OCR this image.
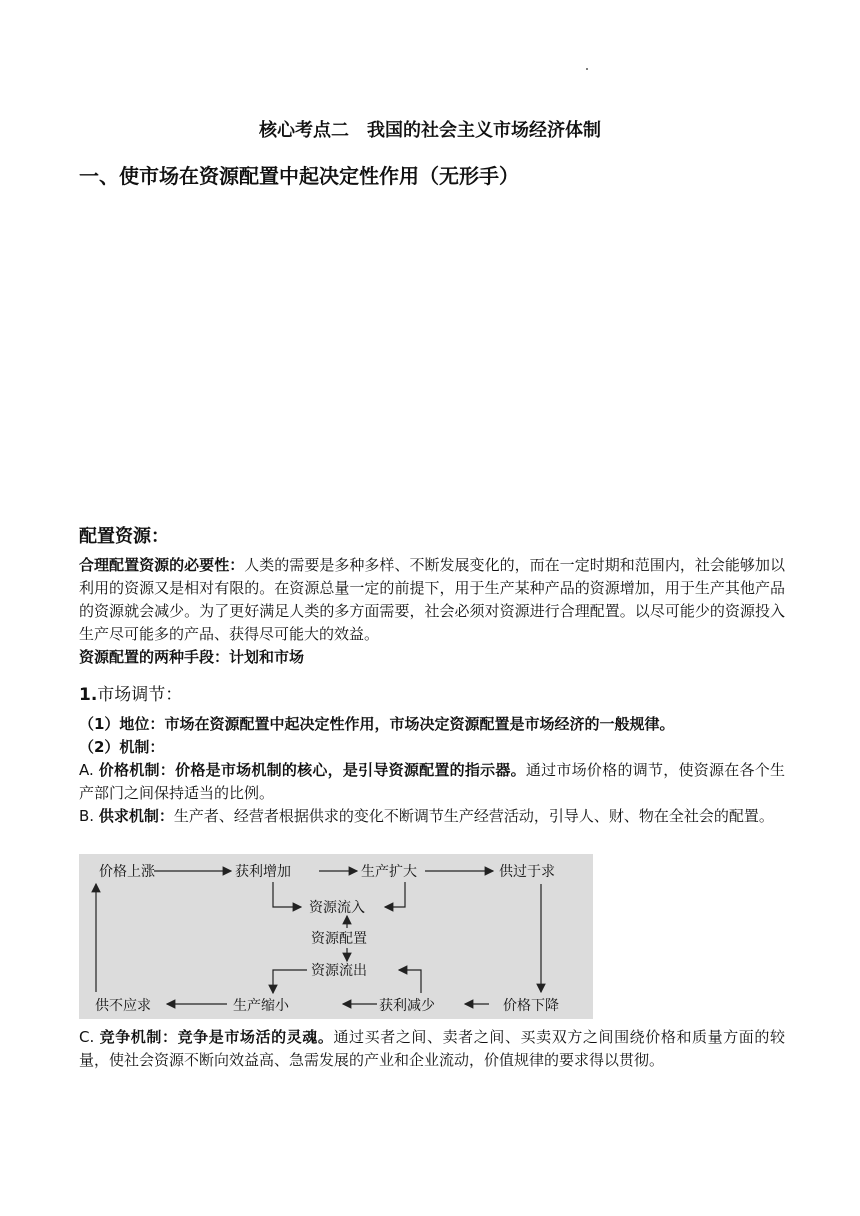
核心考点二　我国的社会主义市场经济体制
一、使市场在资源配置中起决定性作用（无形手）
配置资源：
合理配置资源的必要性：人类的需要是多种多样、不断发展变化的，而在一定时期和范围内，社会能够加以利用的资源又是相对有限的。在资源总量一定的前提下，用于生产某种产品的资源增加，用于生产其他产品的资源就会减少。为了更好满足人类的多方面需要，社会必须对资源进行合理配置。以尽可能少的资源投入生产尽可能多的产品、获得尽可能大的效益。
资源配置的两种手段：计划和市场
1.市场调节：
（1）地位：市场在资源配置中起决定性作用，市场决定资源配置是市场经济的一般规律。
（2）机制：
A. 价格机制：价格是市场机制的核心，是引导资源配置的指示器。通过市场价格的调节，使资源在各个生产部门之间保持适当的比例。
B. 供求机制：生产者、经营者根据供求的变化不断调节生产经营活动，引导人、财、物在全社会的配置。
价格上涨	获利增加	生产扩大	供过于求
资源流入
资源配置
资源流出
供不应求	生产缩小	获利减少	价格下降
C. 竞争机制：竞争是市场活的灵魂。通过买者之间、卖者之间、买卖双方之间围绕价格和质量方面的较量，使社会资源不断向效益高、急需发展的产业和企业流动，价值规律的要求得以贯彻。
